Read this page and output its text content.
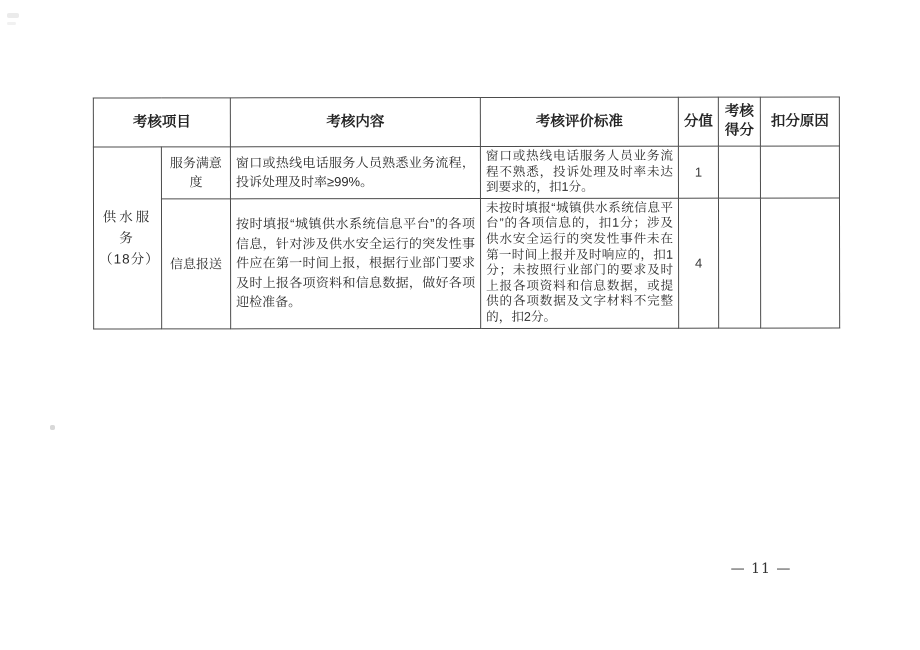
考核项目		考核内容	考核评价标准	分值	考核得分	扣分原因

供水服务
（18分）	服务满意度	窗口或热线电话服务人员熟悉业务流程，投诉处理及时率≥99%。	窗口或热线电话服务人员业务流程不熟悉，投诉处理及时率未达到要求的，扣1分。	1		
	信息报送	按时填报“城镇供水系统信息平台”的各项信息，针对涉及供水安全运行的突发性事件应在第一时间上报，根据行业部门要求及时上报各项资料和信息数据，做好各项迎检准备。	未按时填报“城镇供水系统信息平台”的各项信息的，扣1分；涉及供水安全运行的突发性事件未在第一时间上报并及时响应的，扣1分；未按照行业部门的要求及时上报各项资料和信息数据，或提供的各项数据及文字材料不完整的，扣2分。	4		
— 11 —
